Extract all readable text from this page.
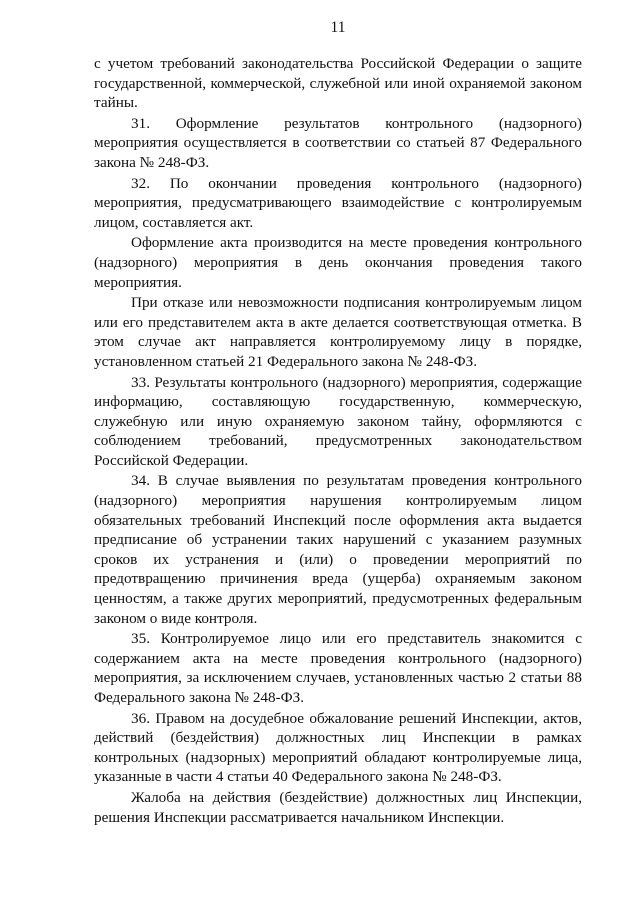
11

с учетом требований законодательства Российской Федерации о защите государственной, коммерческой, служебной или иной охраняемой законом тайны.

31. Оформление результатов контрольного (надзорного) мероприятия осуществляется в соответствии со статьей 87 Федерального закона № 248-ФЗ.

32. По окончании проведения контрольного (надзорного) мероприятия, предусматривающего взаимодействие с контролируемым лицом, составляется акт.

Оформление акта производится на месте проведения контрольного (надзорного) мероприятия в день окончания проведения такого мероприятия.

При отказе или невозможности подписания контролируемым лицом или его представителем акта в акте делается соответствующая отметка. В этом случае акт направляется контролируемому лицу в порядке, установленном статьей 21 Федерального закона № 248-ФЗ.

33. Результаты контрольного (надзорного) мероприятия, содержащие информацию, составляющую государственную, коммерческую, служебную или иную охраняемую законом тайну, оформляются с соблюдением требований, предусмотренных законодательством Российской Федерации.

34. В случае выявления по результатам проведения контрольного (надзорного) мероприятия нарушения контролируемым лицом обязательных требований Инспекций после оформления акта выдается предписание об устранении таких нарушений с указанием разумных сроков их устранения и (или) о проведении мероприятий по предотвращению причинения вреда (ущерба) охраняемым законом ценностям, а также других мероприятий, предусмотренных федеральным законом о виде контроля.

35. Контролируемое лицо или его представитель знакомится с содержанием акта на месте проведения контрольного (надзорного) мероприятия, за исключением случаев, установленных частью 2 статьи 88 Федерального закона № 248-ФЗ.

36. Правом на досудебное обжалование решений Инспекции, актов, действий (бездействия) должностных лиц Инспекции в рамках контрольных (надзорных) мероприятий обладают контролируемые лица, указанные в части 4 статьи 40 Федерального закона № 248-ФЗ.

Жалоба на действия (бездействие) должностных лиц Инспекции, решения Инспекции рассматривается начальником Инспекции.
